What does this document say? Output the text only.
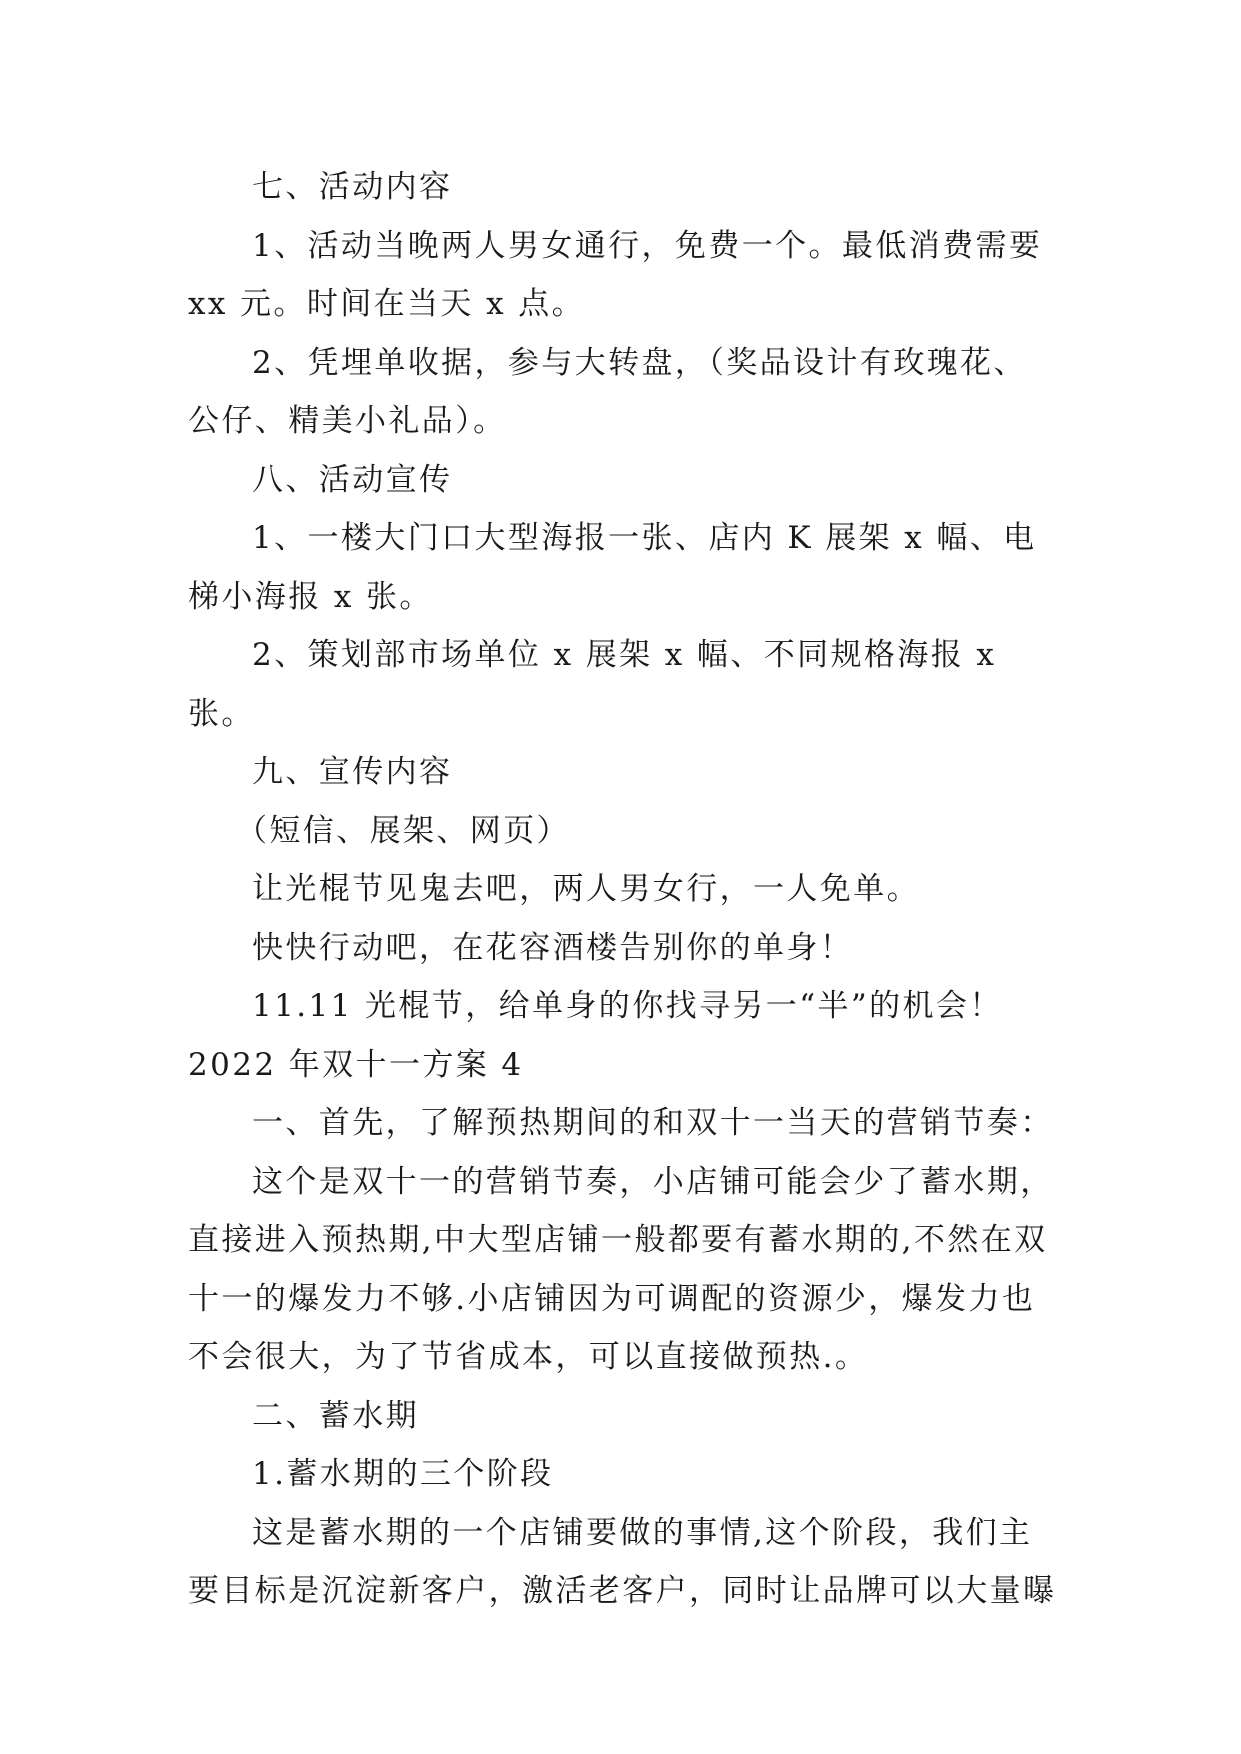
七、活动内容

1、活动当晚两人男女通行，免费一个。最低消费需要 xx 元。时间在当天 x 点。

2、凭埋单收据，参与大转盘，（奖品设计有玫瑰花、公仔、精美小礼品）。

八、活动宣传

1、一楼大门口大型海报一张、店内 K 展架 x 幅、电梯小海报 x 张。

2、策划部市场单位 x 展架 x 幅、不同规格海报 x 张。

九、宣传内容

（短信、展架、网页）

让光棍节见鬼去吧，两人男女行，一人免单。

快快行动吧，在花容酒楼告别你的单身！

11.11 光棍节，给单身的你找寻另一“半”的机会！

2022 年双十一方案 4

一、首先，了解预热期间的和双十一当天的营销节奏：

这个是双十一的营销节奏，小店铺可能会少了蓄水期，直接进入预热期,中大型店铺一般都要有蓄水期的,不然在双十一的爆发力不够.小店铺因为可调配的资源少，爆发力也不会很大，为了节省成本，可以直接做预热.。

二、蓄水期

1.蓄水期的三个阶段

这是蓄水期的一个店铺要做的事情,这个阶段，我们主要目标是沉淀新客户，激活老客户，同时让品牌可以大量曝
